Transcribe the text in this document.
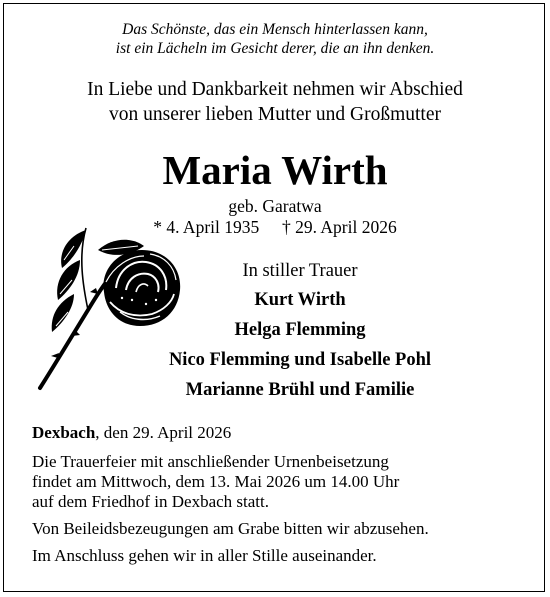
Das Schönste, das ein Mensch hinterlassen kann,
ist ein Lächeln im Gesicht derer, die an ihn denken.
In Liebe und Dankbarkeit nehmen wir Abschied
von unserer lieben Mutter und Großmutter
Maria Wirth
geb. Garatwa
* 4. April 1935 † 29. April 2026
In stiller Trauer
Kurt Wirth
Helga Flemming
Nico Flemming und Isabelle Pohl
Marianne Brühl und Familie
Dexbach, den 29. April 2026
Die Trauerfeier mit anschließender Urnenbeisetzung
findet am Mittwoch, dem 13. Mai 2026 um 14.00 Uhr
auf dem Friedhof in Dexbach statt.
Von Beileidsbezeugungen am Grabe bitten wir abzusehen.
Im Anschluss gehen wir in aller Stille auseinander.
